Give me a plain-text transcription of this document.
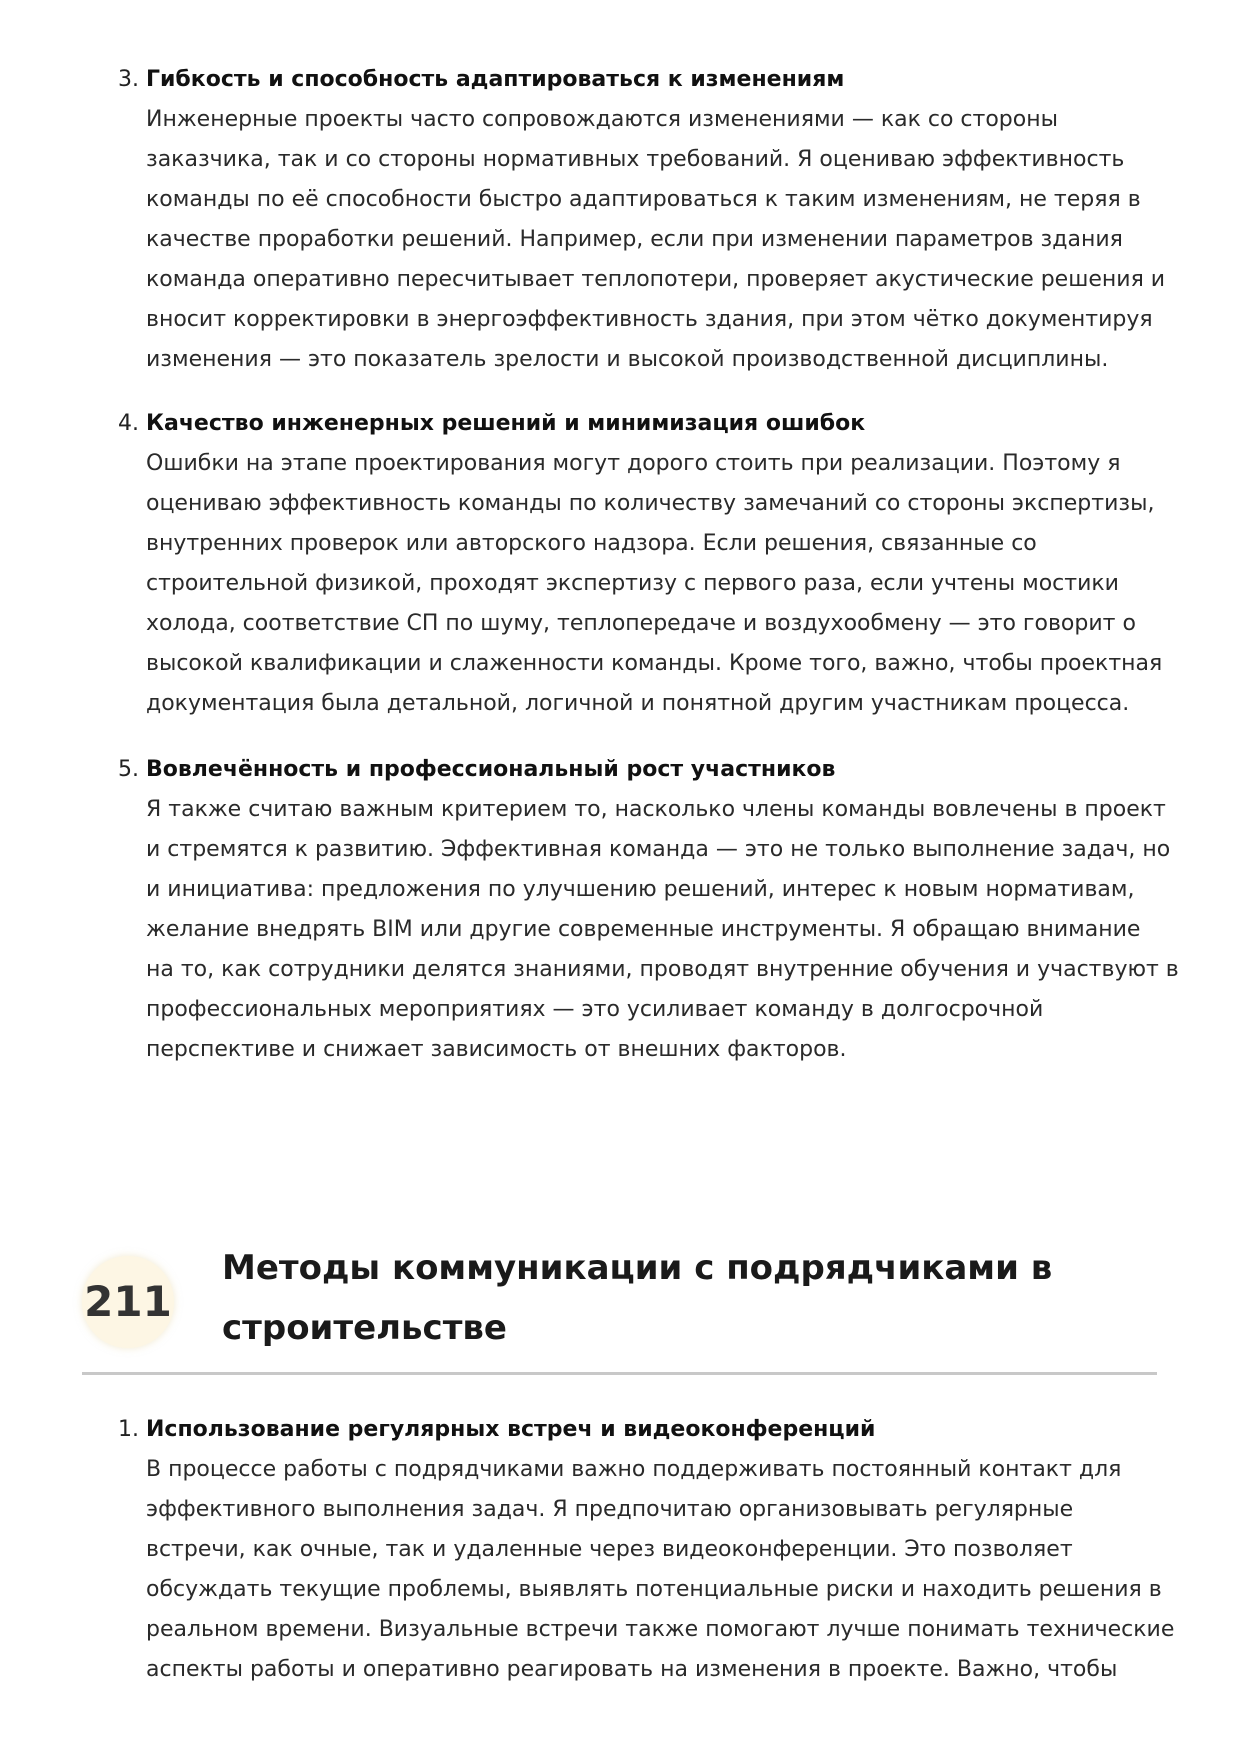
3. Гибкость и способность адаптироваться к изменениям

Инженерные проекты часто сопровождаются изменениями — как со стороны
заказчика, так и со стороны нормативных требований. Я оцениваю эффективность
команды по её способности быстро адаптироваться к таким изменениям, не теряя в
качестве проработки решений. Например, если при изменении параметров здания
команда оперативно пересчитывает теплопотери, проверяет акустические решения и
вносит корректировки в энергоэффективность здания, при этом чётко документируя
изменения — это показатель зрелости и высокой производственной дисциплины.

4. Качество инженерных решений и минимизация ошибок

Ошибки на этапе проектирования могут дорого стоить при реализации. Поэтому я
оцениваю эффективность команды по количеству замечаний со стороны экспертизы,
внутренних проверок или авторского надзора. Если решения, связанные со
строительной физикой, проходят экспертизу с первого раза, если учтены мостики
холода, соответствие СП по шуму, теплопередаче и воздухообмену — это говорит о
высокой квалификации и слаженности команды. Кроме того, важно, чтобы проектная
документация была детальной, логичной и понятной другим участникам процесса.

5. Вовлечённость и профессиональный рост участников

Я также считаю важным критерием то, насколько члены команды вовлечены в проект
и стремятся к развитию. Эффективная команда — это не только выполнение задач, но
и инициатива: предложения по улучшению решений, интерес к новым нормативам,
желание внедрять BIM или другие современные инструменты. Я обращаю внимание
на то, как сотрудники делятся знаниями, проводят внутренние обучения и участвуют в
профессиональных мероприятиях — это усиливает команду в долгосрочной
перспективе и снижает зависимость от внешних факторов.

211
Методы коммуникации с подрядчиками в
строительстве
1. Использование регулярных встреч и видеоконференций

В процессе работы с подрядчиками важно поддерживать постоянный контакт для
эффективного выполнения задач. Я предпочитаю организовывать регулярные
встречи, как очные, так и удаленные через видеоконференции. Это позволяет
обсуждать текущие проблемы, выявлять потенциальные риски и находить решения в
реальном времени. Визуальные встречи также помогают лучше понимать технические
аспекты работы и оперативно реагировать на изменения в проекте. Важно, чтобы
